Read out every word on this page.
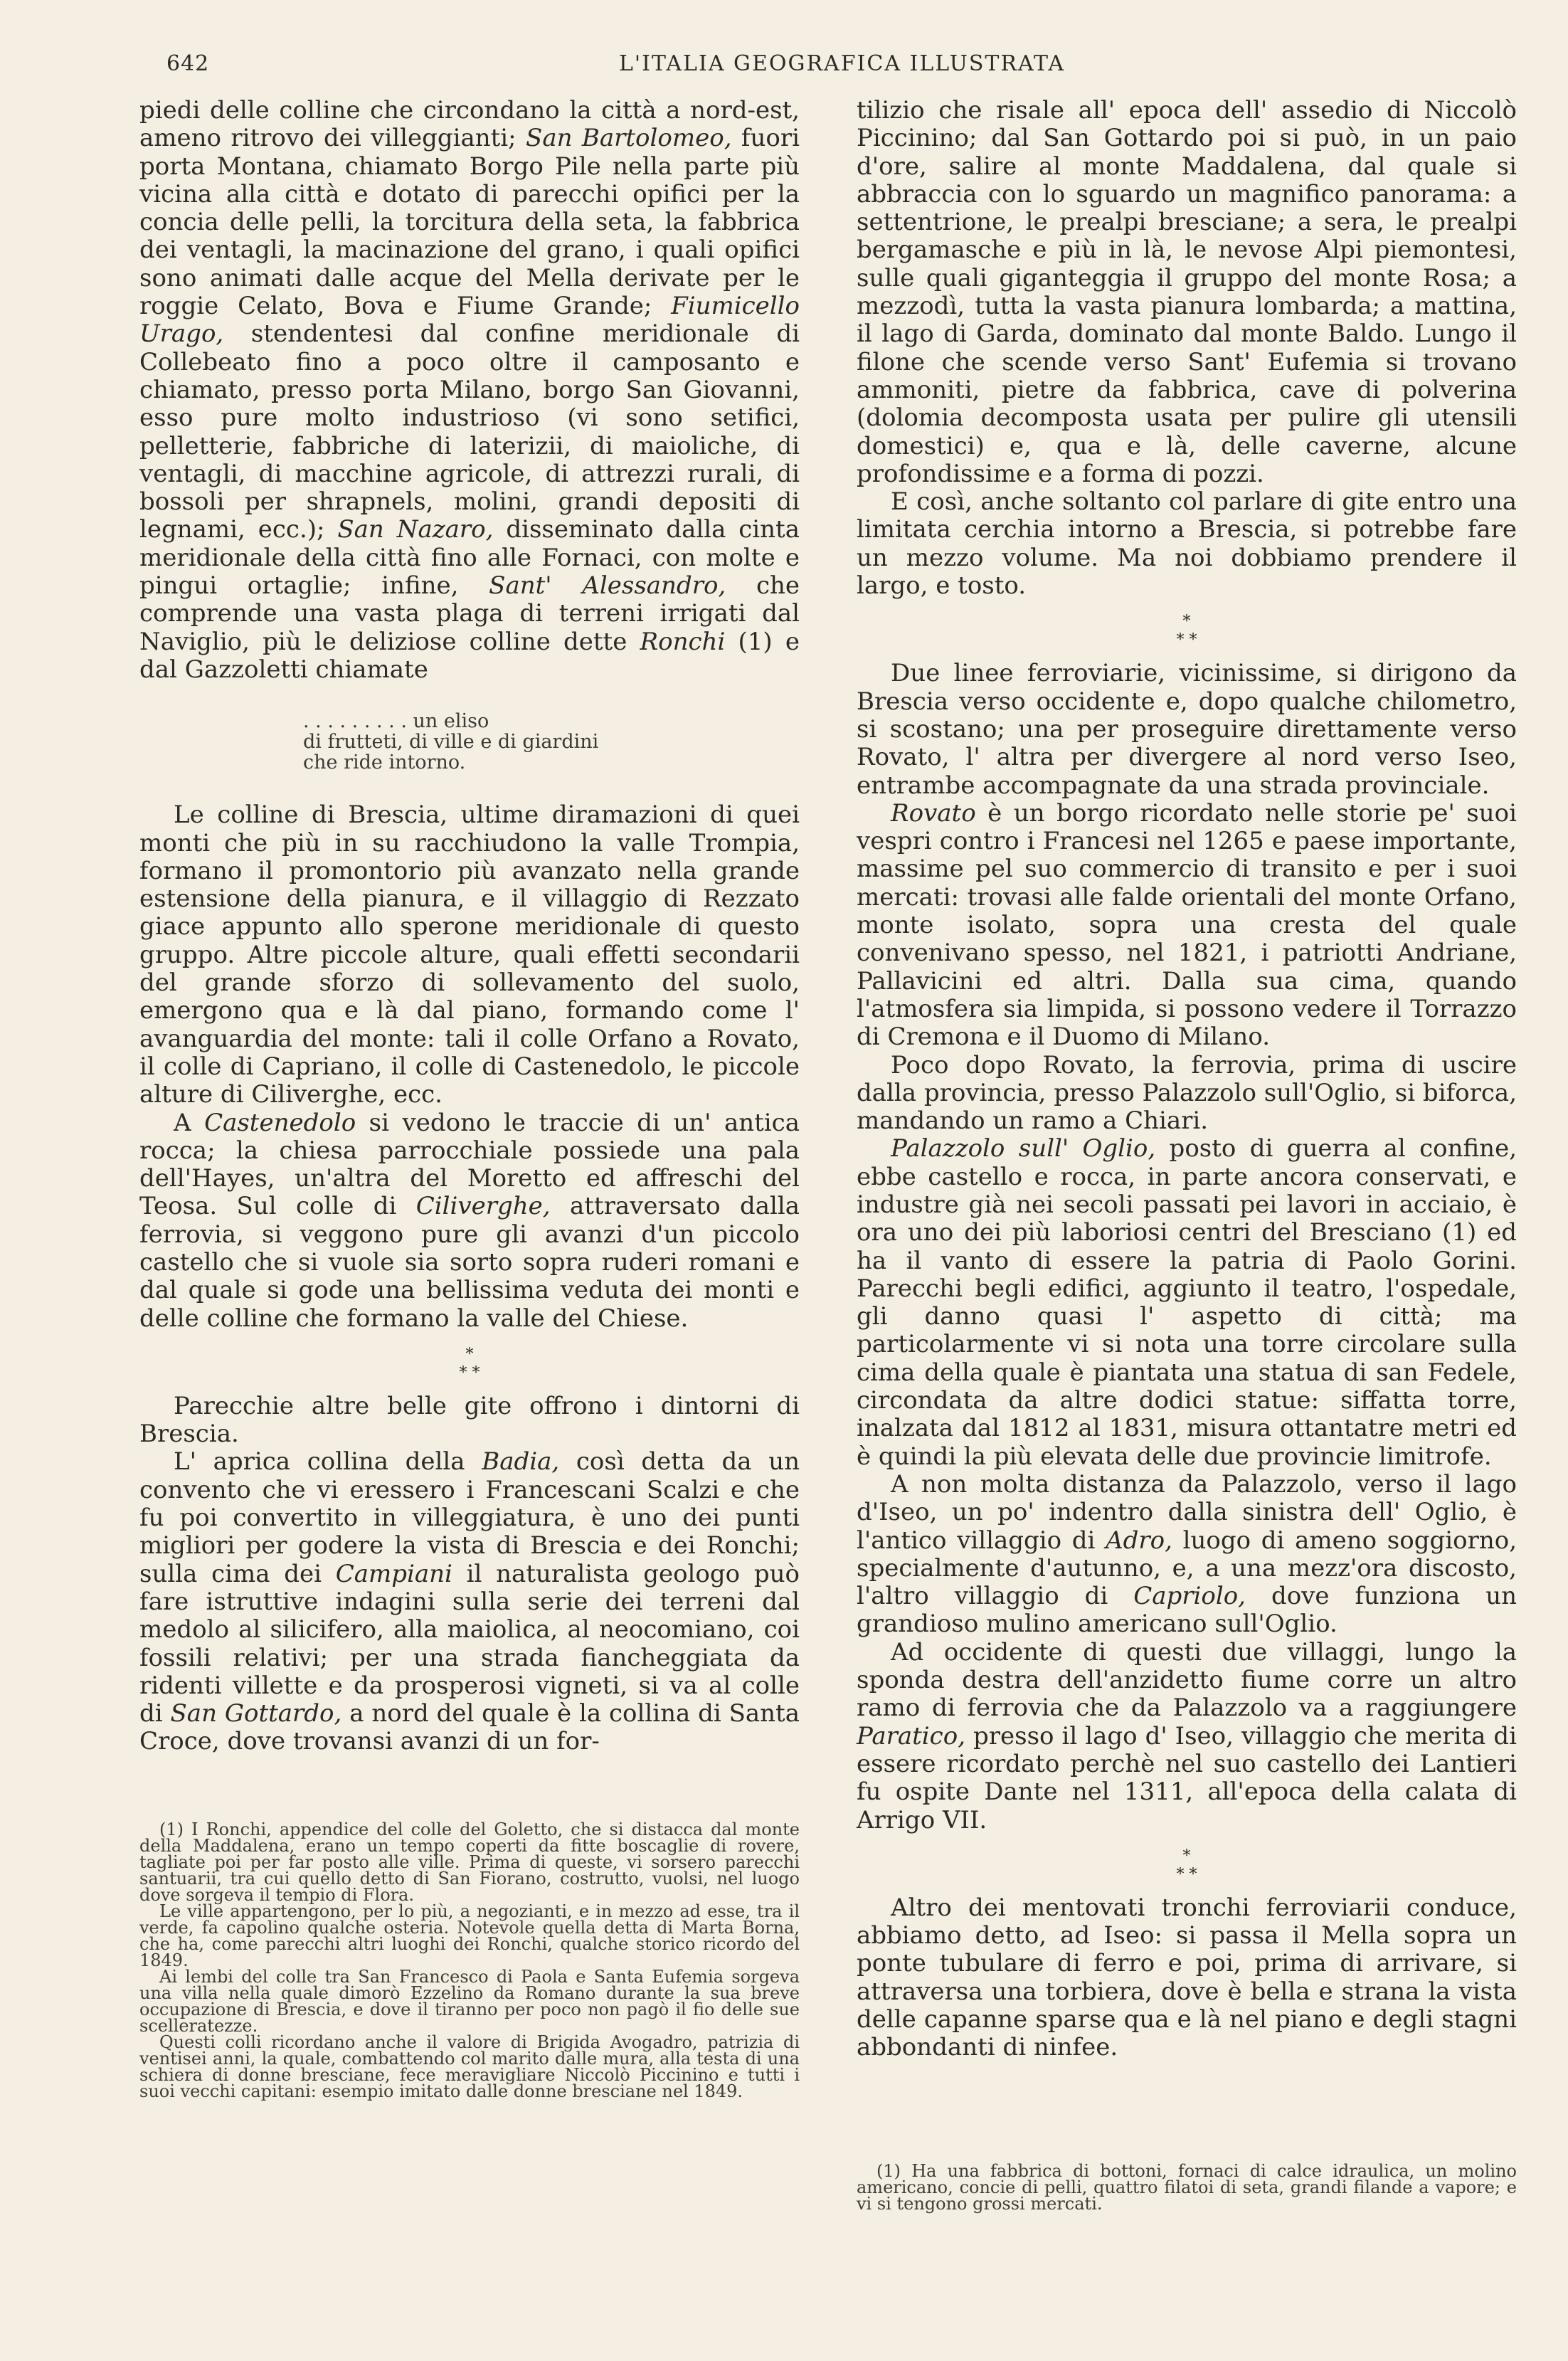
642	L'ITALIA GEOGRAFICA ILLUSTRATA

piedi delle colline che circondano la città a nord-est, ameno ritrovo dei villeggianti; San Bartolomeo, fuori porta Montana, chiamato Borgo Pile nella parte più vicina alla città e dotato di parecchi opifici per la concia delle pelli, la torcitura della seta, la fabbrica dei ventagli, la macinazione del grano, i quali opifici sono animati dalle acque del Mella derivate per le roggie Celato, Bova e Fiume Grande; Fiumicello Urago, stendentesi dal confine meridionale di Collebeato fino a poco oltre il camposanto e chiamato, presso porta Milano, borgo San Giovanni, esso pure molto industrioso (vi sono setifici, pelletterie, fabbriche di laterizii, di maioliche, di ventagli, di macchine agricole, di attrezzi rurali, di bossoli per shrapnels, molini, grandi depositi di legnami, ecc.); San Nazaro, disseminato dalla cinta meridionale della città fino alle Fornaci, con molte e pingui ortaglie; infine, Sant' Alessandro, che comprende una vasta plaga di terreni irrigati dal Naviglio, più le deliziose colline dette Ronchi (1) e dal Gazzoletti chiamate

. . . . . . . . . un eliso
di frutteti, di ville e di giardini
che ride intorno.

Le colline di Brescia, ultime diramazioni di quei monti che più in su racchiudono la valle Trompia, formano il promontorio più avanzato nella grande estensione della pianura, e il villaggio di Rezzato giace appunto allo sperone meridionale di questo gruppo. Altre piccole alture, quali effetti secondarii del grande sforzo di sollevamento del suolo, emergono qua e là dal piano, formando come l' avanguardia del monte: tali il colle Orfano a Rovato, il colle di Capriano, il colle di Castenedolo, le piccole alture di Ciliverghe, ecc.

A Castenedolo si vedono le traccie di un' antica rocca; la chiesa parrocchiale possiede una pala dell'Hayes, un'altra del Moretto ed affreschi del Teosa. Sul colle di Ciliverghe, attraversato dalla ferrovia, si veggono pure gli avanzi d'un piccolo castello che si vuole sia sorto sopra ruderi romani e dal quale si gode una bellissima veduta dei monti e delle colline che formano la valle del Chiese.

*
* *

Parecchie altre belle gite offrono i dintorni di Brescia.

L' aprica collina della Badia, così detta da un convento che vi eressero i Francescani Scalzi e che fu poi convertito in villeggiatura, è uno dei punti migliori per godere la vista di Brescia e dei Ronchi; sulla cima dei Campiani il naturalista geologo può fare istruttive indagini sulla serie dei terreni dal medolo al silicifero, alla maiolica, al neocomiano, coi fossili relativi; per una strada fiancheggiata da ridenti villette e da prosperosi vigneti, si va al colle di San Gottardo, a nord del quale è la collina di Santa Croce, dove trovansi avanzi di un for-

(1) I Ronchi, appendice del colle del Goletto, che si distacca dal monte della Maddalena, erano un tempo coperti da fitte boscaglie di rovere, tagliate poi per far posto alle ville. Prima di queste, vi sorsero parecchi santuarii, tra cui quello detto di San Fiorano, costrutto, vuolsi, nel luogo dove sorgeva il tempio di Flora.

Le ville appartengono, per lo più, a negozianti, e in mezzo ad esse, tra il verde, fa capolino qualche osteria. Notevole quella detta di Marta Borna, che ha, come parecchi altri luoghi dei Ronchi, qualche storico ricordo del 1849.

Ai lembi del colle tra San Francesco di Paola e Santa Eufemia sorgeva una villa nella quale dimorò Ezzelino da Romano durante la sua breve occupazione di Brescia, e dove il tiranno per poco non pagò il fio delle sue scelleratezze.

Questi colli ricordano anche il valore di Brigida Avogadro, patrizia di ventisei anni, la quale, combattendo col marito dalle mura, alla testa di una schiera di donne bresciane, fece meravigliare Niccolò Piccinino e tutti i suoi vecchi capitani: esempio imitato dalle donne bresciane nel 1849.

tilizio che risale all' epoca dell' assedio di Niccolò Piccinino; dal San Gottardo poi si può, in un paio d'ore, salire al monte Maddalena, dal quale si abbraccia con lo sguardo un magnifico panorama: a settentrione, le prealpi bresciane; a sera, le prealpi bergamasche e più in là, le nevose Alpi piemontesi, sulle quali giganteggia il gruppo del monte Rosa; a mezzodì, tutta la vasta pianura lombarda; a mattina, il lago di Garda, dominato dal monte Baldo. Lungo il filone che scende verso Sant' Eufemia si trovano ammoniti, pietre da fabbrica, cave di polverina (dolomia decomposta usata per pulire gli utensili domestici) e, qua e là, delle caverne, alcune profondissime e a forma di pozzi.

E così, anche soltanto col parlare di gite entro una limitata cerchia intorno a Brescia, si potrebbe fare un mezzo volume. Ma noi dobbiamo prendere il largo, e tosto.

*
* *

Due linee ferroviarie, vicinissime, si dirigono da Brescia verso occidente e, dopo qualche chilometro, si scostano; una per proseguire direttamente verso Rovato, l' altra per divergere al nord verso Iseo, entrambe accompagnate da una strada provinciale.

Rovato è un borgo ricordato nelle storie pe' suoi vespri contro i Francesi nel 1265 e paese importante, massime pel suo commercio di transito e per i suoi mercati: trovasi alle falde orientali del monte Orfano, monte isolato, sopra una cresta del quale convenivano spesso, nel 1821, i patriotti Andriane, Pallavicini ed altri. Dalla sua cima, quando l'atmosfera sia limpida, si possono vedere il Torrazzo di Cremona e il Duomo di Milano.

Poco dopo Rovato, la ferrovia, prima di uscire dalla provincia, presso Palazzolo sull'Oglio, si biforca, mandando un ramo a Chiari.

Palazzolo sull' Oglio, posto di guerra al confine, ebbe castello e rocca, in parte ancora conservati, e industre già nei secoli passati pei lavori in acciaio, è ora uno dei più laboriosi centri del Bresciano (1) ed ha il vanto di essere la patria di Paolo Gorini. Parecchi begli edifici, aggiunto il teatro, l'ospedale, gli danno quasi l' aspetto di città; ma particolarmente vi si nota una torre circolare sulla cima della quale è piantata una statua di san Fedele, circondata da altre dodici statue: siffatta torre, inalzata dal 1812 al 1831, misura ottantatre metri ed è quindi la più elevata delle due provincie limitrofe.

A non molta distanza da Palazzolo, verso il lago d'Iseo, un po' indentro dalla sinistra dell' Oglio, è l'antico villaggio di Adro, luogo di ameno soggiorno, specialmente d'autunno, e, a una mezz'ora discosto, l'altro villaggio di Capriolo, dove funziona un grandioso mulino americano sull'Oglio.

Ad occidente di questi due villaggi, lungo la sponda destra dell'anzidetto fiume corre un altro ramo di ferrovia che da Palazzolo va a raggiungere Paratico, presso il lago d' Iseo, villaggio che merita di essere ricordato perchè nel suo castello dei Lantieri fu ospite Dante nel 1311, all'epoca della calata di Arrigo VII.

*
* *

Altro dei mentovati tronchi ferroviarii conduce, abbiamo detto, ad Iseo: si passa il Mella sopra un ponte tubulare di ferro e poi, prima di arrivare, si attraversa una torbiera, dove è bella e strana la vista delle capanne sparse qua e là nel piano e degli stagni abbondanti di ninfee.

(1) Ha una fabbrica di bottoni, fornaci di calce idraulica, un molino americano, concie di pelli, quattro filatoi di seta, grandi filande a vapore; e vi si tengono grossi mercati.
